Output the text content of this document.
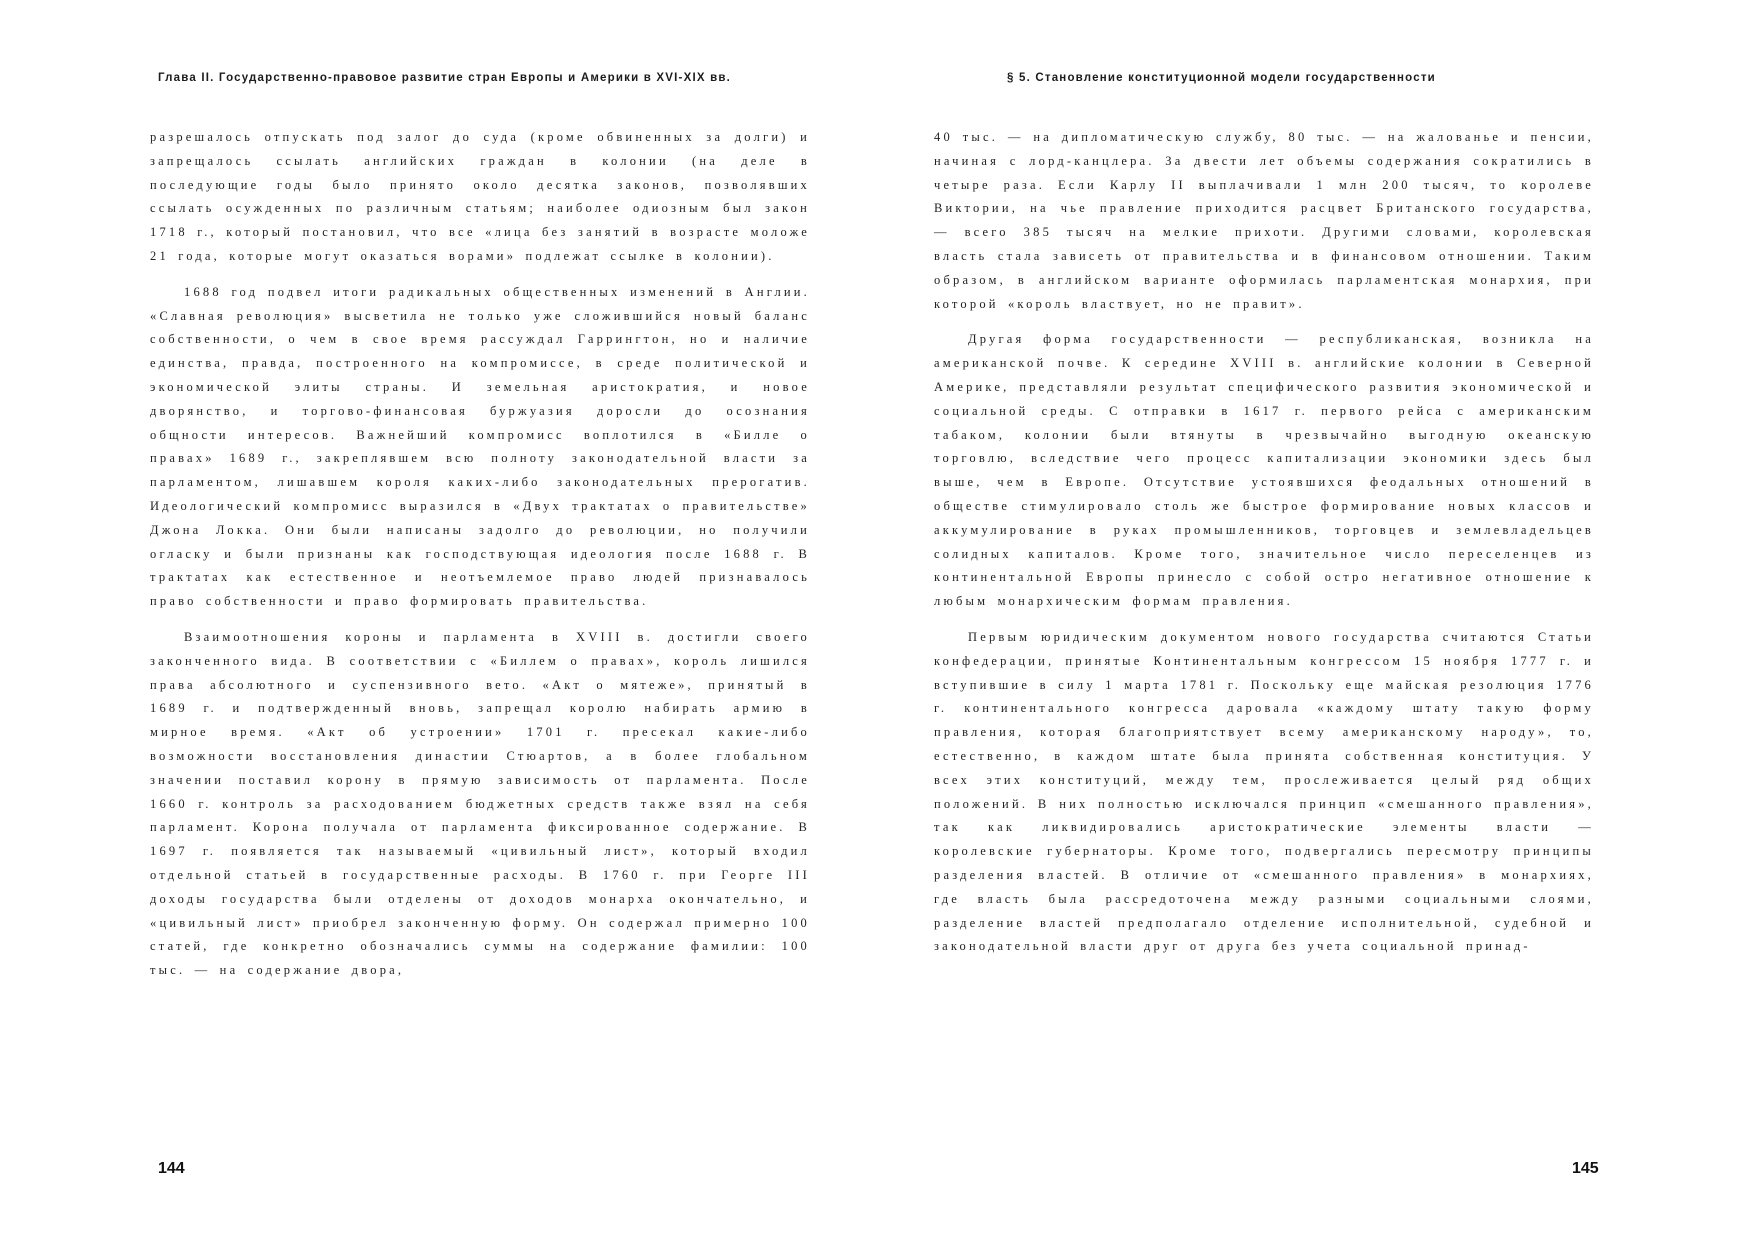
Глава II. Государственно-правовое развитие стран Европы и Америки в XVI-XIX вв.

разрешалось отпускать под залог до суда (кроме обвиненных за долги) и запрещалось ссылать английских граждан в колонии (на деле в последующие годы было принято около десятка законов, позволявших ссылать осужденных по различным статьям; наиболее одиозным был закон 1718 г., который постановил, что все «лица без занятий в возрасте моложе 21 года, которые могут оказаться ворами» подлежат ссылке в колонии).

1688 год подвел итоги радикальных общественных изменений в Англии. «Славная революция» высветила не только уже сложившийся новый баланс собственности, о чем в свое время рассуждал Гаррингтон, но и наличие единства, правда, построенного на компромиссе, в среде политической и экономической элиты страны. И земельная аристократия, и новое дворянство, и торгово-финансовая буржуазия доросли до осознания общности интересов. Важнейший компромисс воплотился в «Билле о правах» 1689 г., закреплявшем всю полноту законодательной власти за парламентом, лишавшем короля каких-либо законодательных прерогатив. Идеологический компромисс выразился в «Двух трактатах о правительстве» Джона Локка. Они были написаны задолго до революции, но получили огласку и были признаны как господствующая идеология после 1688 г. В трактатах как естественное и неотъемлемое право людей признавалось право собственности и право формировать правительства.

Взаимоотношения короны и парламента в XVIII в. достигли своего законченного вида. В соответствии с «Биллем о правах», король лишился права абсолютного и суспензивного вето. «Акт о мятеже», принятый в 1689 г. и подтвержденный вновь, запрещал королю набирать армию в мирное время. «Акт об устроении» 1701 г. пресекал какие-либо возможности восстановления династии Стюартов, а в более глобальном значении поставил корону в прямую зависимость от парламента. После 1660 г. контроль за расходованием бюджетных средств также взял на себя парламент. Корона получала от парламента фиксированное содержание. В 1697 г. появляется так называемый «цивильный лист», который входил отдельной статьей в государственные расходы. В 1760 г. при Георге III доходы государства были отделены от доходов монарха окончательно, и «цивильный лист» приобрел законченную форму. Он содержал примерно 100 статей, где конкретно обозначались суммы на содержание фамилии: 100 тыс. — на содержание двора,

144
§ 5. Становление конституционной модели государственности

40 тыс. — на дипломатическую службу, 80 тыс. — на жалованье и пенсии, начиная с лорд-канцлера. За двести лет объемы содержания сократились в четыре раза. Если Карлу II выплачивали 1 млн 200 тысяч, то королеве Виктории, на чье правление приходится расцвет Британского государства, — всего 385 тысяч на мелкие прихоти. Другими словами, королевская власть стала зависеть от правительства и в финансовом отношении. Таким образом, в английском варианте оформилась парламентская монархия, при которой «король властвует, но не правит».

Другая форма государственности — республиканская, возникла на американской почве. К середине XVIII в. английские колонии в Северной Америке, представляли результат специфического развития экономической и социальной среды. С отправки в 1617 г. первого рейса с американским табаком, колонии были втянуты в чрезвычайно выгодную океанскую торговлю, вследствие чего процесс капитализации экономики здесь был выше, чем в Европе. Отсутствие устоявшихся феодальных отношений в обществе стимулировало столь же быстрое формирование новых классов и аккумулирование в руках промышленников, торговцев и землевладельцев солидных капиталов. Кроме того, значительное число переселенцев из континентальной Европы принесло с собой остро негативное отношение к любым монархическим формам правления.

Первым юридическим документом нового государства считаются Статьи конфедерации, принятые Континентальным конгрессом 15 ноября 1777 г. и вступившие в силу 1 марта 1781 г. Поскольку еще майская резолюция 1776 г. континентального конгресса даровала «каждому штату такую форму правления, которая благоприятствует всему американскому народу», то, естественно, в каждом штате была принята собственная конституция. У всех этих конституций, между тем, прослеживается целый ряд общих положений. В них полностью исключался принцип «смешанного правления», так как ликвидировались аристократические элементы власти — королевские губернаторы. Кроме того, подвергались пересмотру принципы разделения властей. В отличие от «смешанного правления» в монархиях, где власть была рассредоточена между разными социальными слоями, разделение властей предполагало отделение исполнительной, судебной и законодательной власти друг от друга без учета социальной принад-

145
